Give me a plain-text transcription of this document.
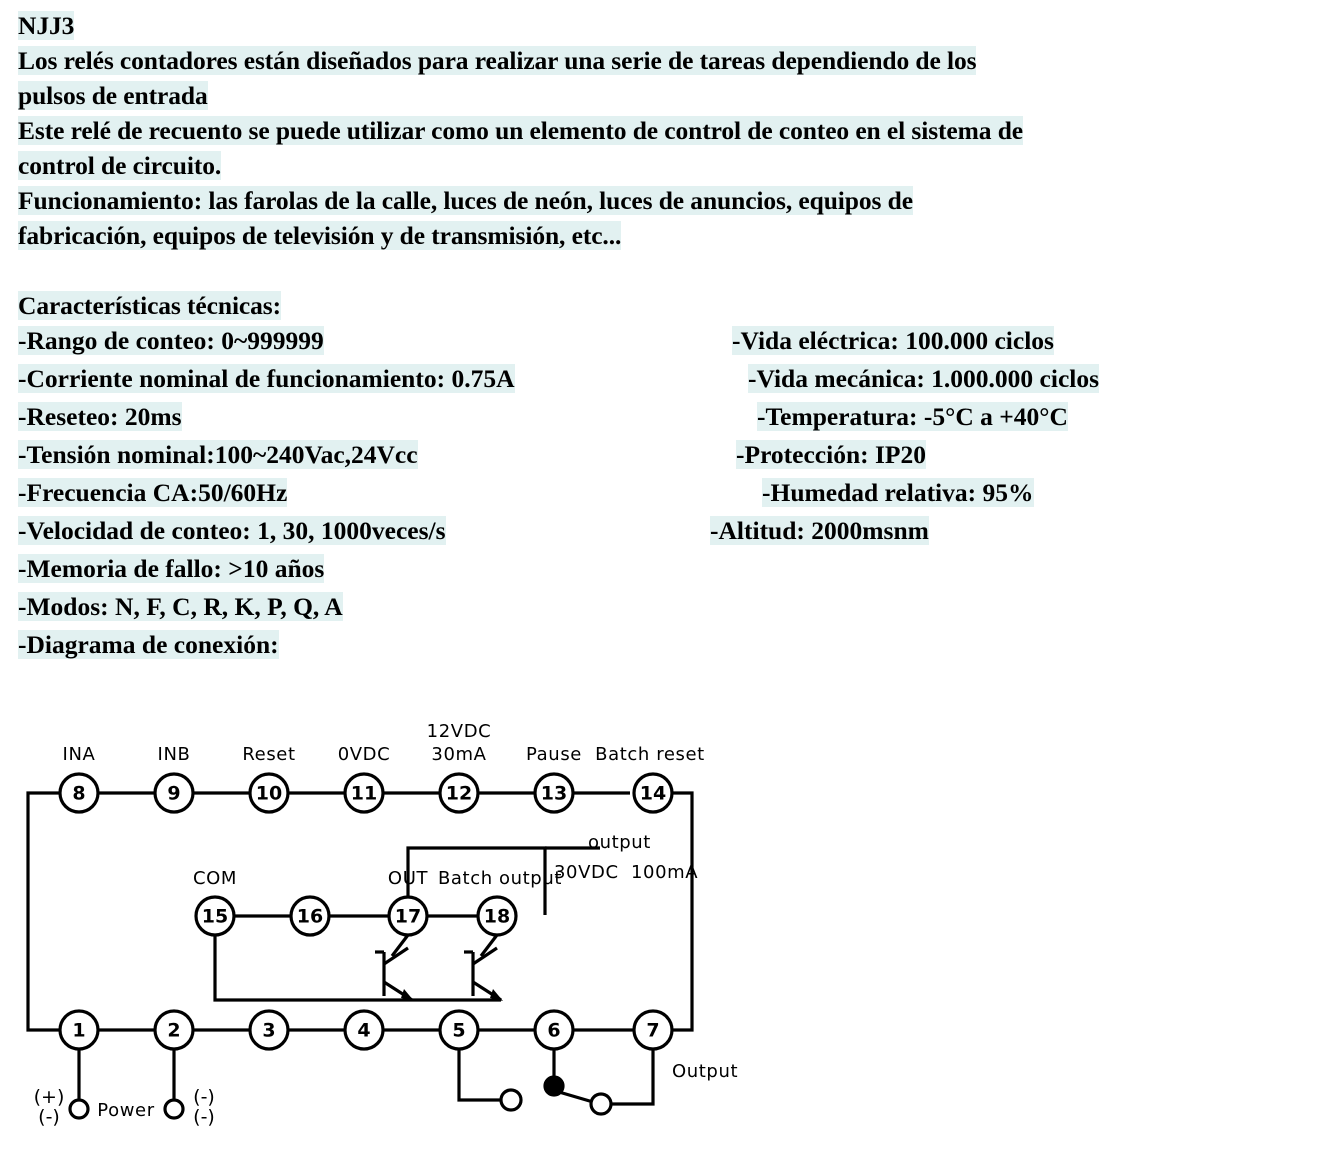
NJJ3
Los relés contadores están diseñados para realizar una serie de tareas dependiendo de los
pulsos de entrada
Este relé de recuento se puede utilizar como un elemento de control de conteo en el sistema de
control de circuito.
Funcionamiento: las farolas de la calle, luces de neón, luces de anuncios, equipos de
fabricación, equipos de televisión y de transmisión, etc...
Características técnicas:
-Rango de conteo: 0~999999	-Vida eléctrica: 100.000 ciclos
-Corriente nominal de funcionamiento: 0.75A	-Vida mecánica: 1.000.000 ciclos
-Reseteo: 20ms	-Temperatura: -5°C a +40°C
-Tensión nominal:100~240Vac,24Vcc	-Protección: IP20
-Frecuencia CA:50/60Hz	-Humedad relativa: 95%
-Velocidad de conteo: 1, 30, 1000veces/s	-Altitud: 2000msnm
-Memoria de fallo: >10 años
-Modos: N, F, C, R, K, P, Q, A
-Diagrama de conexión:
8
INA
9
INB
10
Reset
11
0VDC
12
12VDC
30mA
13
Pause
14
Batch reset
output
30VDC 100mA
15
COM
16	17
OUT
18
Batch output
1	2	3	4	5	6	7
(+)
(-) Power
(-)
(-)
Output
